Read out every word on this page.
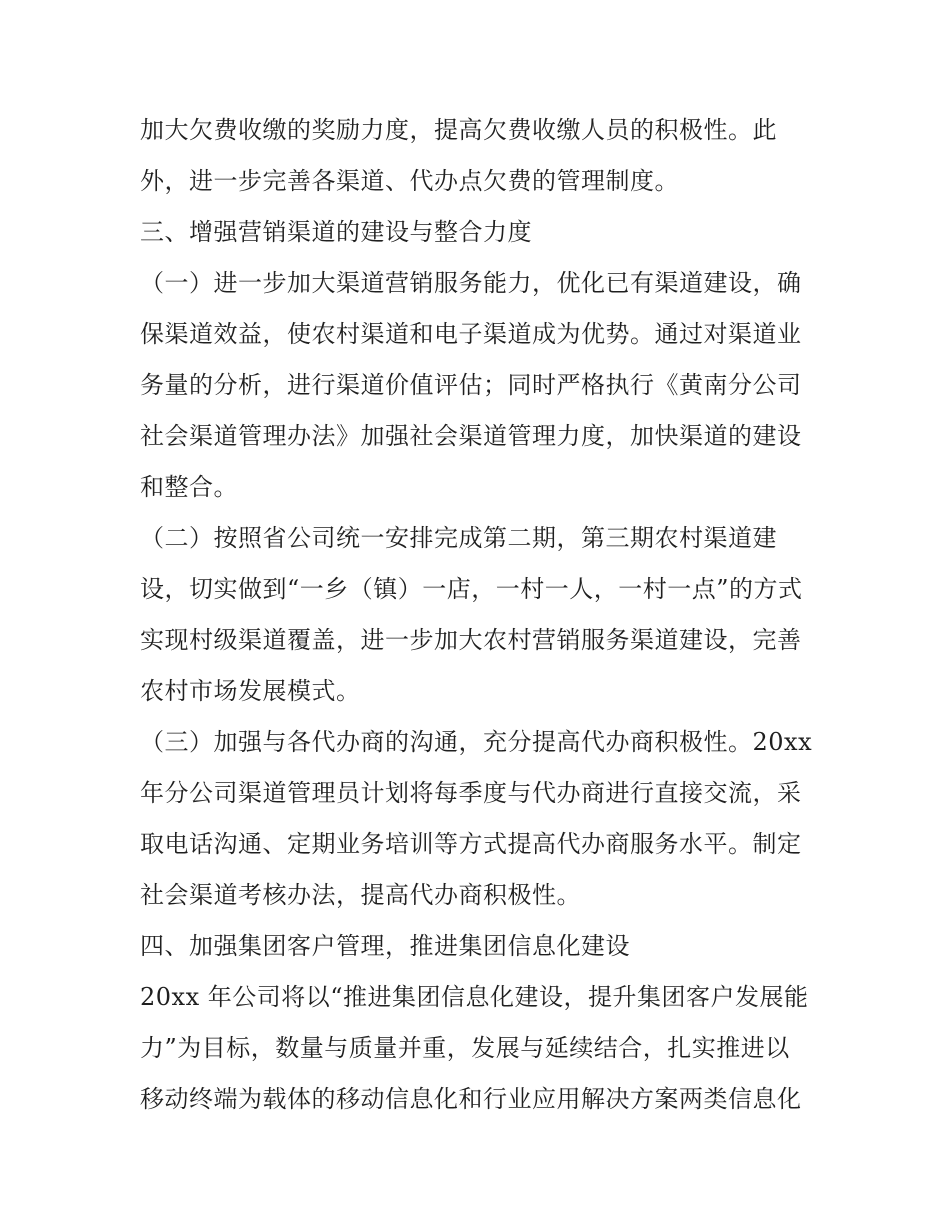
加大欠费收缴的奖励力度，提高欠费收缴人员的积极性。此
外，进一步完善各渠道、代办点欠费的管理制度。
三、增强营销渠道的建设与整合力度
（一）进一步加大渠道营销服务能力，优化已有渠道建设，确
保渠道效益，使农村渠道和电子渠道成为优势。通过对渠道业
务量的分析，进行渠道价值评估；同时严格执行《黄南分公司
社会渠道管理办法》加强社会渠道管理力度，加快渠道的建设
和整合。
（二）按照省公司统一安排完成第二期，第三期农村渠道建
设，切实做到“一乡（镇）一店，一村一人，一村一点”的方式
实现村级渠道覆盖，进一步加大农村营销服务渠道建设，完善
农村市场发展模式。
（三）加强与各代办商的沟通，充分提高代办商积极性。20xx
年分公司渠道管理员计划将每季度与代办商进行直接交流，采
取电话沟通、定期业务培训等方式提高代办商服务水平。制定
社会渠道考核办法，提高代办商积极性。
四、加强集团客户管理，推进集团信息化建设
20xx 年公司将以“推进集团信息化建设，提升集团客户发展能
力”为目标，数量与质量并重，发展与延续结合，扎实推进以
移动终端为载体的移动信息化和行业应用解决方案两类信息化
